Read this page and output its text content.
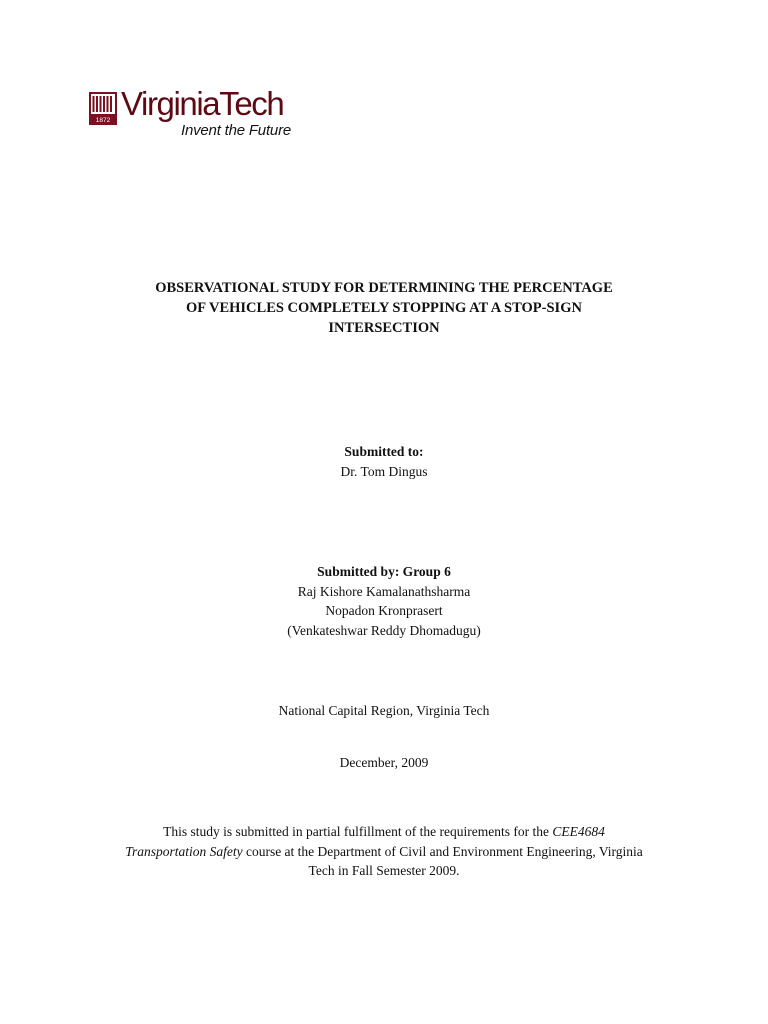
1872 VirginiaTech
Invent the Future
OBSERVATIONAL STUDY FOR DETERMINING THE PERCENTAGE
OF VEHICLES COMPLETELY STOPPING AT A STOP-SIGN
INTERSECTION
Submitted to:
Dr. Tom Dingus
Submitted by: Group 6
Raj Kishore Kamalanathsharma
Nopadon Kronprasert
(Venkateshwar Reddy Dhomadugu)
National Capital Region, Virginia Tech
December, 2009
This study is submitted in partial fulfillment of the requirements for the CEE4684
Transportation Safety course at the Department of Civil and Environment Engineering, Virginia
Tech in Fall Semester 2009.
